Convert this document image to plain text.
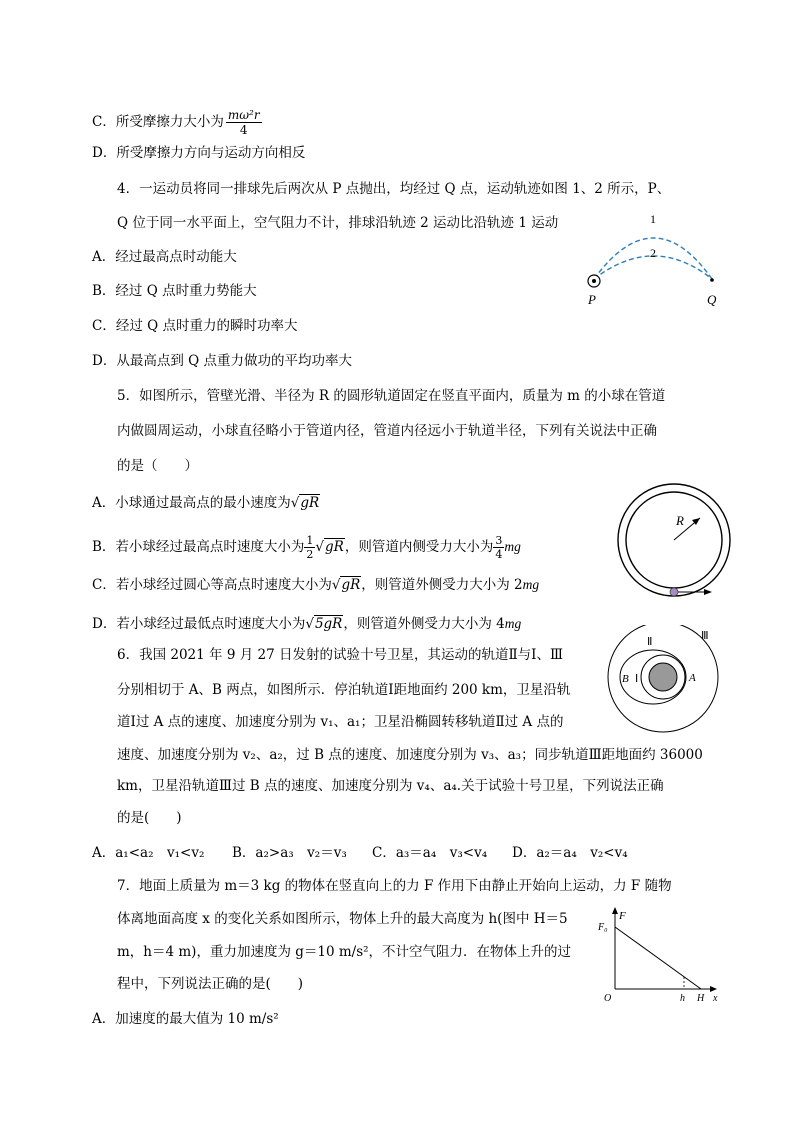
C．所受摩擦力大小为 $\frac{\text{mω²r}}{4}$
D．所受摩擦力方向与运动方向相反
4．一运动员将同一排球先后两次从 P 点抛出，均经过 Q 点，运动轨迹如图 1、2 所示，P、
Q 位于同一水平面上，空气阻力不计，排球沿轨迹 2 运动比沿轨迹 1 运动
A．经过最高点时动能大
B．经过 Q 点时重力势能大
C．经过 Q 点时重力的瞬时功率大
D．从最高点到 Q 点重力做功的平均功率大
1
2
P	Q
5．如图所示，管壁光滑、半径为 R 的圆形轨道固定在竖直平面内，质量为 m 的小球在管道
内做圆周运动，小球直径略小于管道内径，管道内径远小于轨道半径，下列有关说法中正确
的是（　　）
A．小球通过最高点的最小速度为√gR
B．若小球经过最高点时速度大小为 $\frac{1}{2} √gR$，则管道内侧受力大小为 $\frac{3}{4}$ mg
C．若小球经过圆心等高点时速度大小为√gR，则管道外侧受力大小为 2mg
D．若小球经过最低点时速度大小为√5gR，则管道外侧受力大小为 4mg
R
6．我国 2021 年 9 月 27 日发射的试验十号卫星，其运动的轨道Ⅱ与Ⅰ、Ⅲ
分别相切于 A、B 两点，如图所示．停泊轨道Ⅰ距地面约 200 km，卫星沿轨
道Ⅰ过 A 点的速度、加速度分别为 v₁、a₁；卫星沿椭圆转移轨道Ⅱ过 A 点的
速度、加速度分别为 v₂、a₂，过 B 点的速度、加速度分别为 v₃、a₃；同步轨道Ⅲ距地面约 36000
km，卫星沿轨道Ⅲ过 B 点的速度、加速度分别为 v₄、a₄.关于试验十号卫星，下列说法正确
的是(　　)
A．a₁<a₂　v₁<v₂ B．a₂>a₃　v₂＝v₃ C．a₃＝a₄　v₃<v₄ D．a₂＝a₄　v₂<v₄
Ⅰ
Ⅱ	Ⅲ
A
B
7．地面上质量为 m＝3 kg 的物体在竖直向上的力 F 作用下由静止开始向上运动，力 F 随物
体离地面高度 x 的变化关系如图所示，物体上升的最大高度为 h(图中 H＝5
m，h＝4 m)，重力加速度为 g＝10 m/s²，不计空气阻力．在物体上升的过
程中，下列说法正确的是(　　)
A．加速度的最大值为 10 m/s²
F
F₀
O	h H x
